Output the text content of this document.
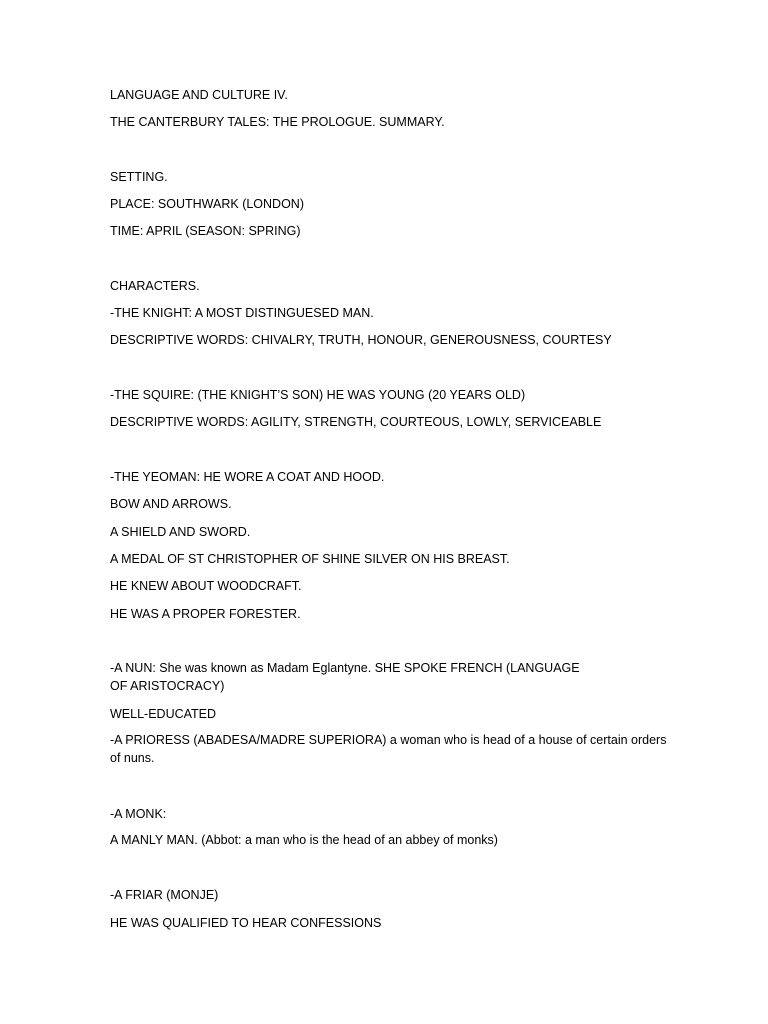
LANGUAGE AND CULTURE IV.
THE CANTERBURY TALES: THE PROLOGUE. SUMMARY.
SETTING.
PLACE: SOUTHWARK (LONDON)
TIME: APRIL (SEASON: SPRING)
CHARACTERS.
-THE KNIGHT: A MOST DISTINGUESED MAN.
DESCRIPTIVE WORDS: CHIVALRY, TRUTH, HONOUR, GENEROUSNESS, COURTESY
-THE SQUIRE: (THE KNIGHT’S SON) HE WAS YOUNG (20 YEARS OLD)
DESCRIPTIVE WORDS: AGILITY, STRENGTH, COURTEOUS, LOWLY, SERVICEABLE
-THE YEOMAN: HE WORE A COAT AND HOOD.
BOW AND ARROWS.
A SHIELD AND SWORD.
A MEDAL OF ST CHRISTOPHER OF SHINE SILVER ON HIS BREAST.
HE KNEW ABOUT WOODCRAFT.
HE WAS A PROPER FORESTER.
-A NUN: She was known as Madam Eglantyne. SHE SPOKE FRENCH (LANGUAGE OF ARISTOCRACY)
WELL-EDUCATED
-A PRIORESS (ABADESA/MADRE SUPERIORA) a woman who is head of a house of certain orders of nuns.
-A MONK:
A MANLY MAN. (Abbot: a man who is the head of an abbey of monks)
-A FRIAR (MONJE)
HE WAS QUALIFIED TO HEAR CONFESSIONS
